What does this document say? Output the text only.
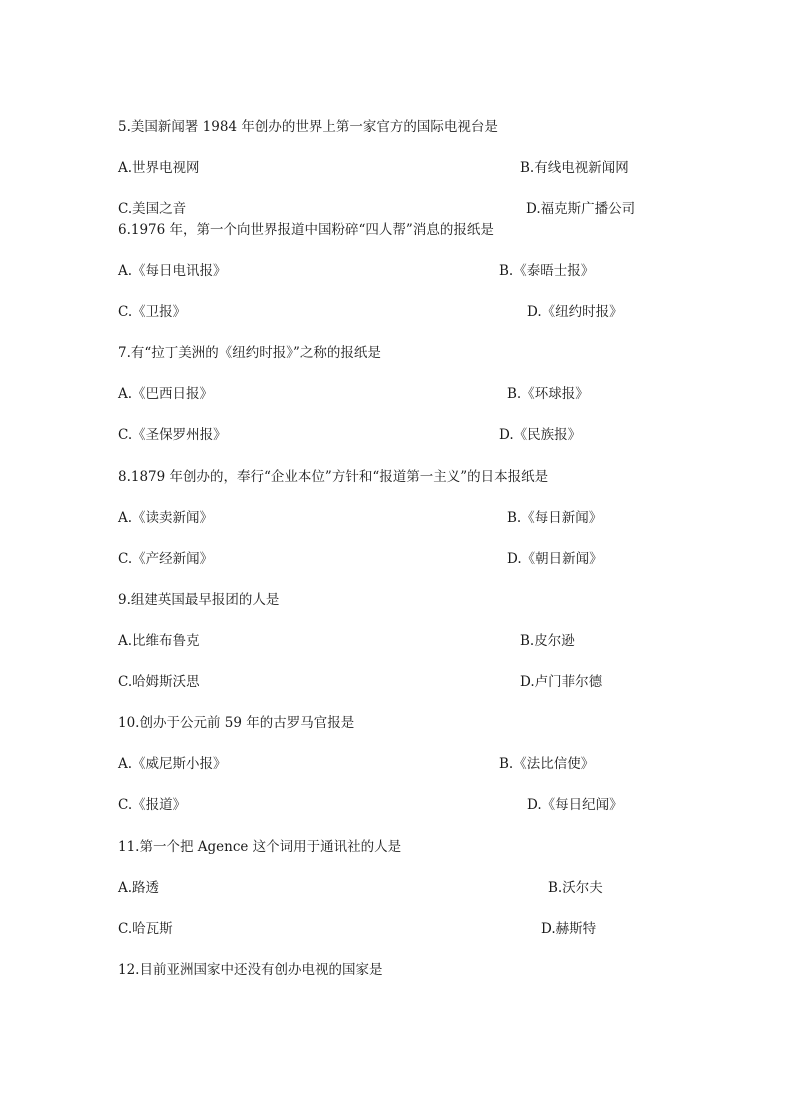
5.美国新闻署 1984 年创办的世界上第一家官方的国际电视台是
A.世界电视网	B.有线电视新闻网
C.美国之音	D.福克斯广播公司
6.1976 年，第一个向世界报道中国粉碎“四人帮”消息的报纸是
A.《每日电讯报》	B.《泰晤士报》
C.《卫报》	D.《纽约时报》
7.有“拉丁美洲的《纽约时报》”之称的报纸是
A.《巴西日报》	B.《环球报》
C.《圣保罗州报》	D.《民族报》
8.1879 年创办的，奉行“企业本位”方针和“报道第一主义”的日本报纸是
A.《读卖新闻》	B.《每日新闻》
C.《产经新闻》	D.《朝日新闻》
9.组建英国最早报团的人是
A.比维布鲁克	B.皮尔逊
C.哈姆斯沃思	D.卢门菲尔德
10.创办于公元前 59 年的古罗马官报是
A.《威尼斯小报》	B.《法比信使》
C.《报道》	D.《每日纪闻》
11.第一个把 Agence 这个词用于通讯社的人是
A.路透	B.沃尔夫
C.哈瓦斯	D.赫斯特
12.目前亚洲国家中还没有创办电视的国家是
